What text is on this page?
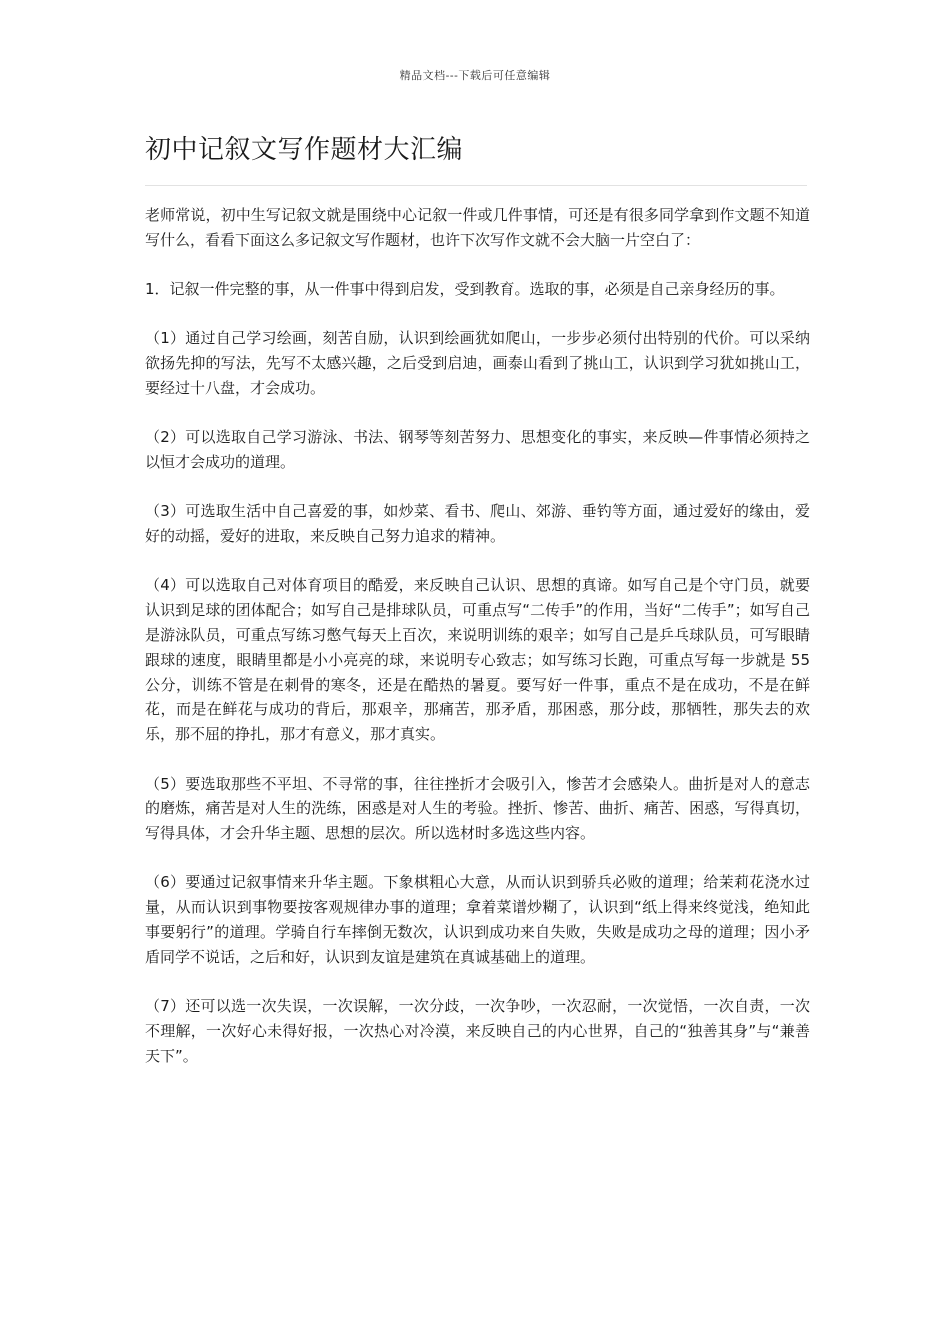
精品文档---下载后可任意编辑
初中记叙文写作题材大汇编

老师常说，初中生写记叙文就是围绕中心记叙一件或几件事情，可还是有很多同学拿到作文题不知道写什么，看看下面这么多记叙文写作题材，也许下次写作文就不会大脑一片空白了：

1．记叙一件完整的事，从一件事中得到启发，受到教育。选取的事，必须是自己亲身经历的事。

（1）通过自己学习绘画，刻苦自励，认识到绘画犹如爬山，一步步必须付出特别的代价。可以采纳欲扬先抑的写法，先写不太感兴趣，之后受到启迪，画泰山看到了挑山工，认识到学习犹如挑山工，要经过十八盘，才会成功。

（2）可以选取自己学习游泳、书法、钢琴等刻苦努力、思想变化的事实，来反映—件事情必须持之以恒才会成功的道理。

（3）可选取生活中自己喜爱的事，如炒菜、看书、爬山、郊游、垂钓等方面，通过爱好的缘由，爱好的动摇，爱好的进取，来反映自己努力追求的精神。

（4）可以选取自己对体育项目的酷爱，来反映自己认识、思想的真谛。如写自己是个守门员，就要认识到足球的团体配合；如写自己是排球队员，可重点写“二传手”的作用，当好“二传手”；如写自己是游泳队员，可重点写练习憋气每天上百次，来说明训练的艰辛；如写自己是乒乓球队员，可写眼睛跟球的速度，眼睛里都是小小亮亮的球，来说明专心致志；如写练习长跑，可重点写每一步就是 55 公分，训练不管是在刺骨的寒冬，还是在酷热的暑夏。要写好一件事，重点不是在成功，不是在鲜花，而是在鲜花与成功的背后，那艰辛，那痛苦，那矛盾，那困惑，那分歧，那牺牲，那失去的欢乐，那不屈的挣扎，那才有意义，那才真实。

（5）要选取那些不平坦、不寻常的事，往往挫折才会吸引入，惨苦才会感染人。曲折是对人的意志的磨炼，痛苦是对人生的洗练，困惑是对人生的考验。挫折、惨苦、曲折、痛苦、困惑，写得真切，写得具体，才会升华主题、思想的层次。所以选材时多选这些内容。

（6）要通过记叙事情来升华主题。下象棋粗心大意，从而认识到骄兵必败的道理；给茉莉花浇水过量，从而认识到事物要按客观规律办事的道理；拿着菜谱炒糊了，认识到“纸上得来终觉浅，绝知此事要躬行”的道理。学骑自行车摔倒无数次，认识到成功来自失败，失败是成功之母的道理；因小矛盾同学不说话，之后和好，认识到友谊是建筑在真诚基础上的道理。

（7）还可以选一次失误，一次误解，一次分歧，一次争吵，一次忍耐，一次觉悟，一次自责，一次不理解，一次好心未得好报，一次热心对冷漠，来反映自己的内心世界，自己的“独善其身”与“兼善天下”。
